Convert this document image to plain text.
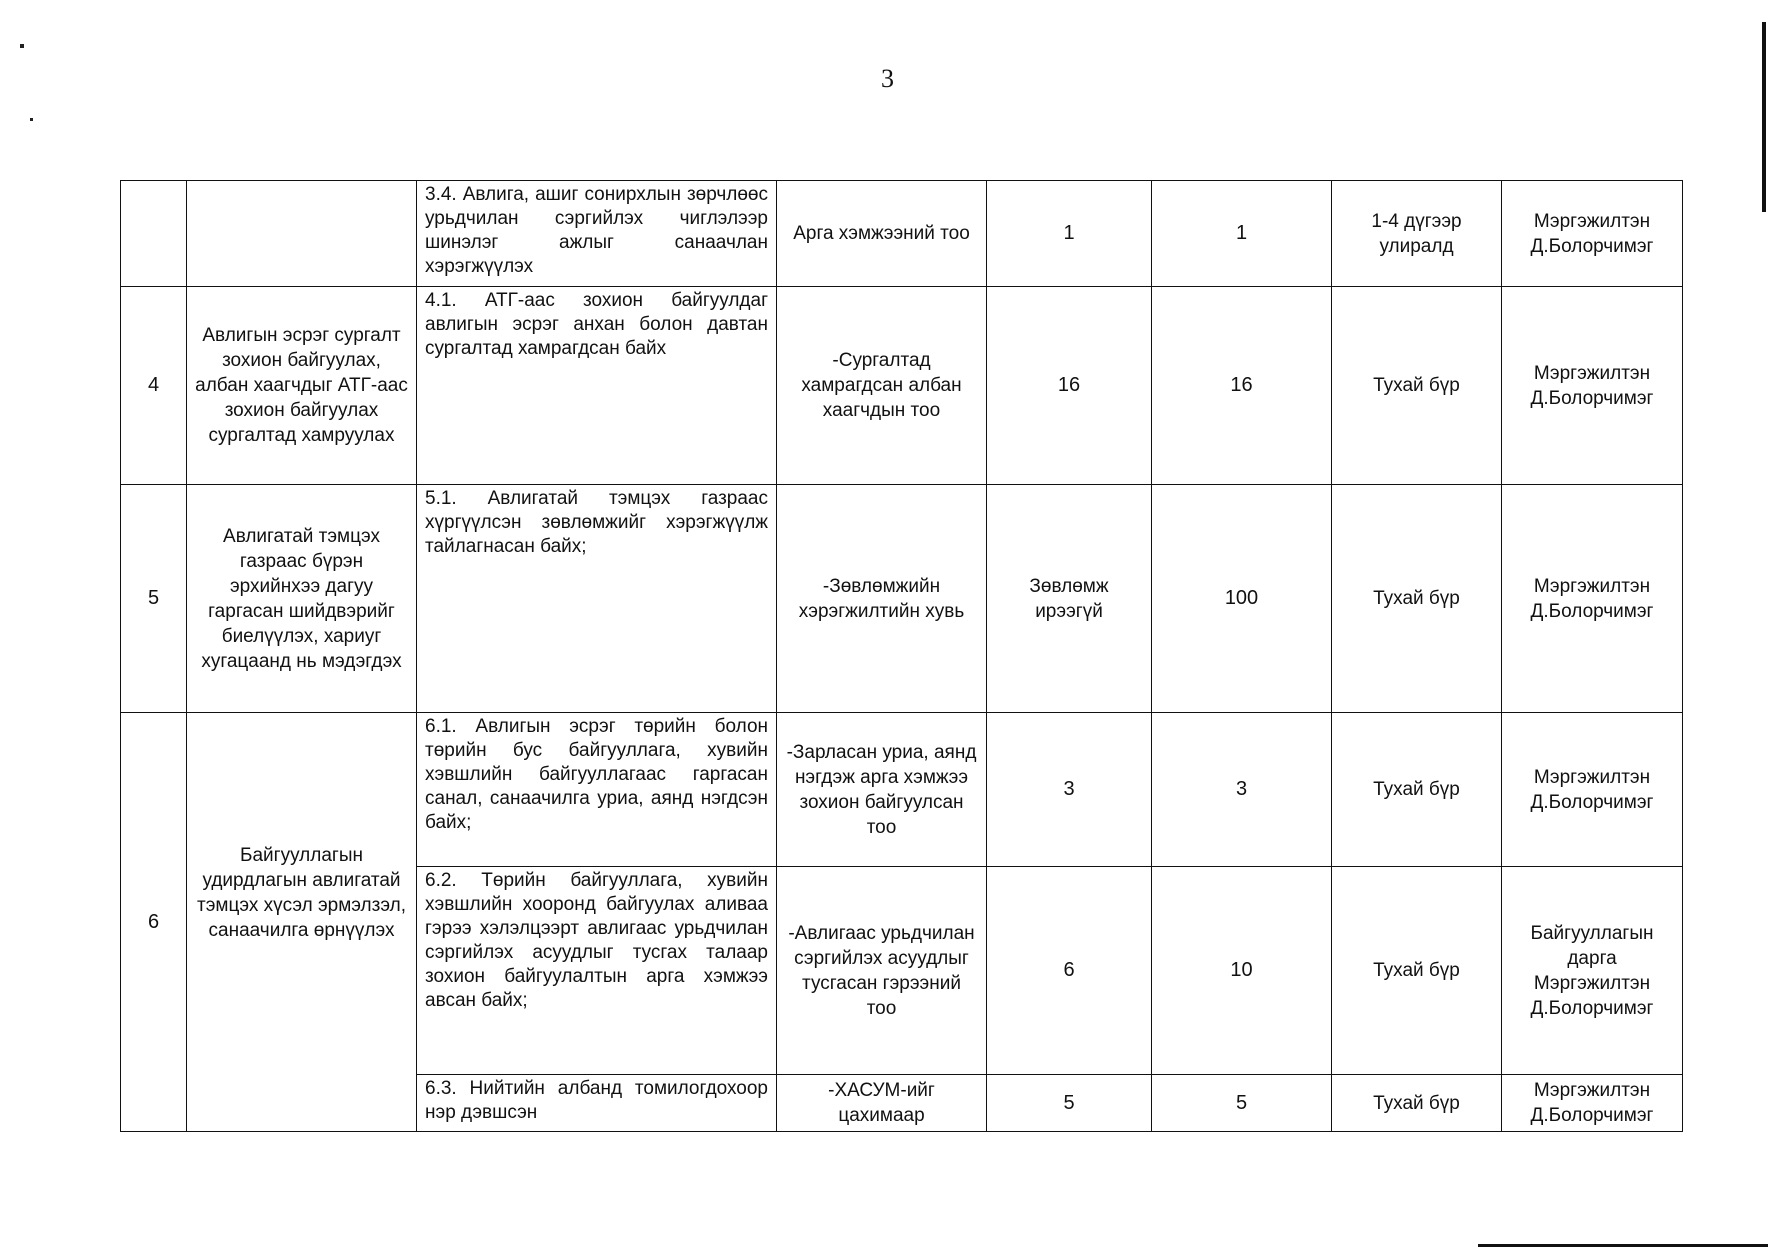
3
		3.4. Авлига, ашиг сонирхлын зөрчлөөс урьдчилан сэргийлэх чиглэлээр шинэлэг ажлыг санаачлан хэрэгжүүлэх	Арга хэмжээний тоо	1	1	1-4 дүгээр
улиралд	Мэргэжилтэн
Д.Болорчимэг

4	Авлигын эсрэг сургалт зохион байгуулах, албан хаагчдыг АТГ-аас зохион байгуулах сургалтад хамруулах	4.1. АТГ-аас зохион байгуулдаг авлигын эсрэг анхан болон давтан сургалтад хамрагдсан байх	-Сургалтад хамрагдсан албан хаагчдын тоо	16	16	Тухай бүр	Мэргэжилтэн
Д.Болорчимэг

5	Авлигатай тэмцэх газраас бүрэн эрхийнхээ дагуу гаргасан шийдвэрийг биелүүлэх, хариуг хугацаанд нь мэдэгдэх	5.1. Авлигатай тэмцэх газраас хүргүүлсэн зөвлөмжийг хэрэгжүүлж тайлагнасан байх;	-Зөвлөмжийн хэрэгжилтийн хувь	Зөвлөмж
ирээгүй	100	Тухай бүр	Мэргэжилтэн
Д.Болорчимэг

6	Байгууллагын удирдлагын авлигатай тэмцэх хүсэл эрмэлзэл, санаачилга өрнүүлэх	6.1. Авлигын эсрэг төрийн болон төрийн бус байгууллага, хувийн хэвшлийн байгууллагаас гаргасан санал, санаачилга уриа, аянд нэгдсэн байх;	-Зарласан уриа, аянд нэгдэж арга хэмжээ зохион байгуулсан тоо	3	3	Тухай бүр	Мэргэжилтэн
Д.Болорчимэг

		6.2. Төрийн байгууллага, хувийн хэвшлийн хооронд байгуулах аливаа гэрээ хэлэлцээрт авлигаас урьдчилан сэргийлэх асуудлыг тусгах талаар зохион байгуулалтын арга хэмжээ авсан байх;	-Авлигаас урьдчилан сэргийлэх асуудлыг тусгасан гэрээний тоо	6	10	Тухай бүр	Байгууллагын
дарга
Мэргэжилтэн
Д.Болорчимэг

		6.3. Нийтийн албанд томилогдохоор нэр дэвшсэн	-ХАСУМ-ийг
цахимаар	5	5	Тухай бүр	Мэргэжилтэн
Д.Болорчимэг
